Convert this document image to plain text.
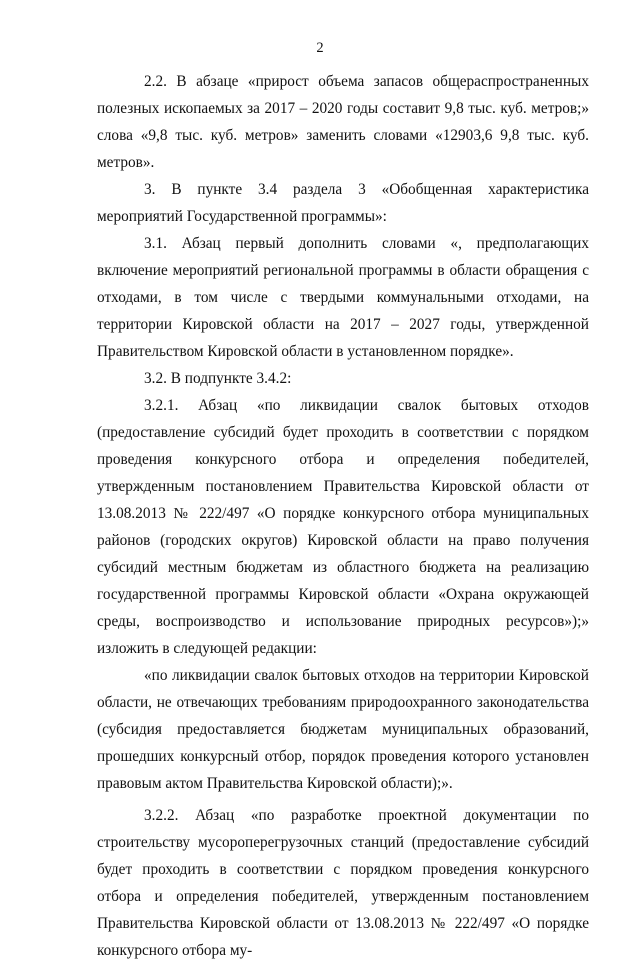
2

2.2. В абзаце «прирост объема запасов общераспространенных полезных ископаемых за 2017 – 2020 годы составит 9,8 тыс. куб. метров;» слова «9,8 тыс. куб. метров» заменить словами «12903,6 9,8 тыс. куб. метров».

3. В пункте 3.4 раздела 3 «Обобщенная характеристика мероприятий Государственной программы»:

3.1. Абзац первый дополнить словами «, предполагающих включение мероприятий региональной программы в области обращения с отходами, в том числе с твердыми коммунальными отходами, на территории Кировской области на 2017 – 2027 годы, утвержденной Правительством Кировской области в установленном порядке».

3.2. В подпункте 3.4.2:

3.2.1. Абзац «по ликвидации свалок бытовых отходов (предоставление субсидий будет проходить в соответствии с порядком проведения конкурсного отбора и определения победителей, утвержденным постановлением Правительства Кировской области от 13.08.2013 № 222/497 «О порядке конкурсного отбора муниципальных районов (городских округов) Кировской области на право получения субсидий местным бюджетам из областного бюджета на реализацию государственной программы Кировской области «Охрана окружающей среды, воспроизводство и использование природных ресурсов»);» изложить в следующей редакции:

«по ликвидации свалок бытовых отходов на территории Кировской области, не отвечающих требованиям природоохранного законодательства (субсидия предоставляется бюджетам муниципальных образований, прошедших конкурсный отбор, порядок проведения которого установлен правовым актом Правительства Кировской области);».

3.2.2. Абзац «по разработке проектной документации по строительству мусороперегрузочных станций (предоставление субсидий будет проходить в соответствии с порядком проведения конкурсного отбора и определения победителей, утвержденным постановлением Правительства Кировской области от 13.08.2013 № 222/497 «О порядке конкурсного отбора му-
